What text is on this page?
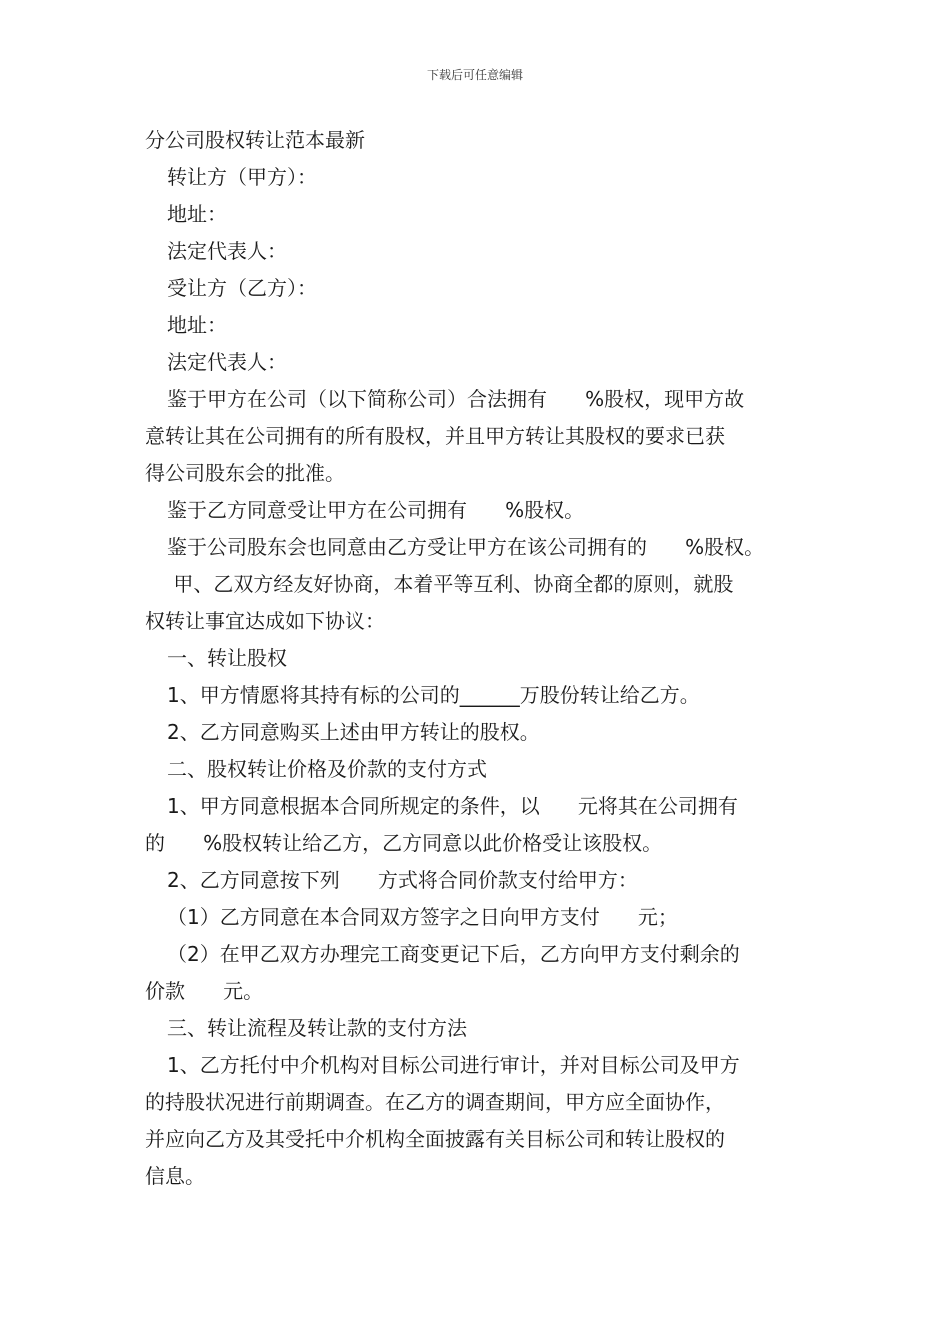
下载后可任意编辑
分公司股权转让范本最新
转让方（甲方）：
地址：
法定代表人：
受让方（乙方）：
地址：
法定代表人：
鉴于甲方在公司（以下简称公司）合法拥有      %股权，现甲方故
意转让其在公司拥有的所有股权，并且甲方转让其股权的要求已获
得公司股东会的批准。
鉴于乙方同意受让甲方在公司拥有      %股权。
鉴于公司股东会也同意由乙方受让甲方在该公司拥有的      %股权。
甲、乙双方经友好协商，本着平等互利、协商全都的原则，就股
权转让事宜达成如下协议：
一、转让股权
1、甲方情愿将其持有标的公司的______万股份转让给乙方。
2、乙方同意购买上述由甲方转让的股权。
二、股权转让价格及价款的支付方式
1、甲方同意根据本合同所规定的条件，以      元将其在公司拥有
的      %股权转让给乙方，乙方同意以此价格受让该股权。
2、乙方同意按下列      方式将合同价款支付给甲方：
（1）乙方同意在本合同双方签字之日向甲方支付      元；
（2）在甲乙双方办理完工商变更记下后，乙方向甲方支付剩余的
价款      元。
三、转让流程及转让款的支付方法
1、乙方托付中介机构对目标公司进行审计，并对目标公司及甲方
的持股状况进行前期调查。在乙方的调查期间，甲方应全面协作，
并应向乙方及其受托中介机构全面披露有关目标公司和转让股权的
信息。
